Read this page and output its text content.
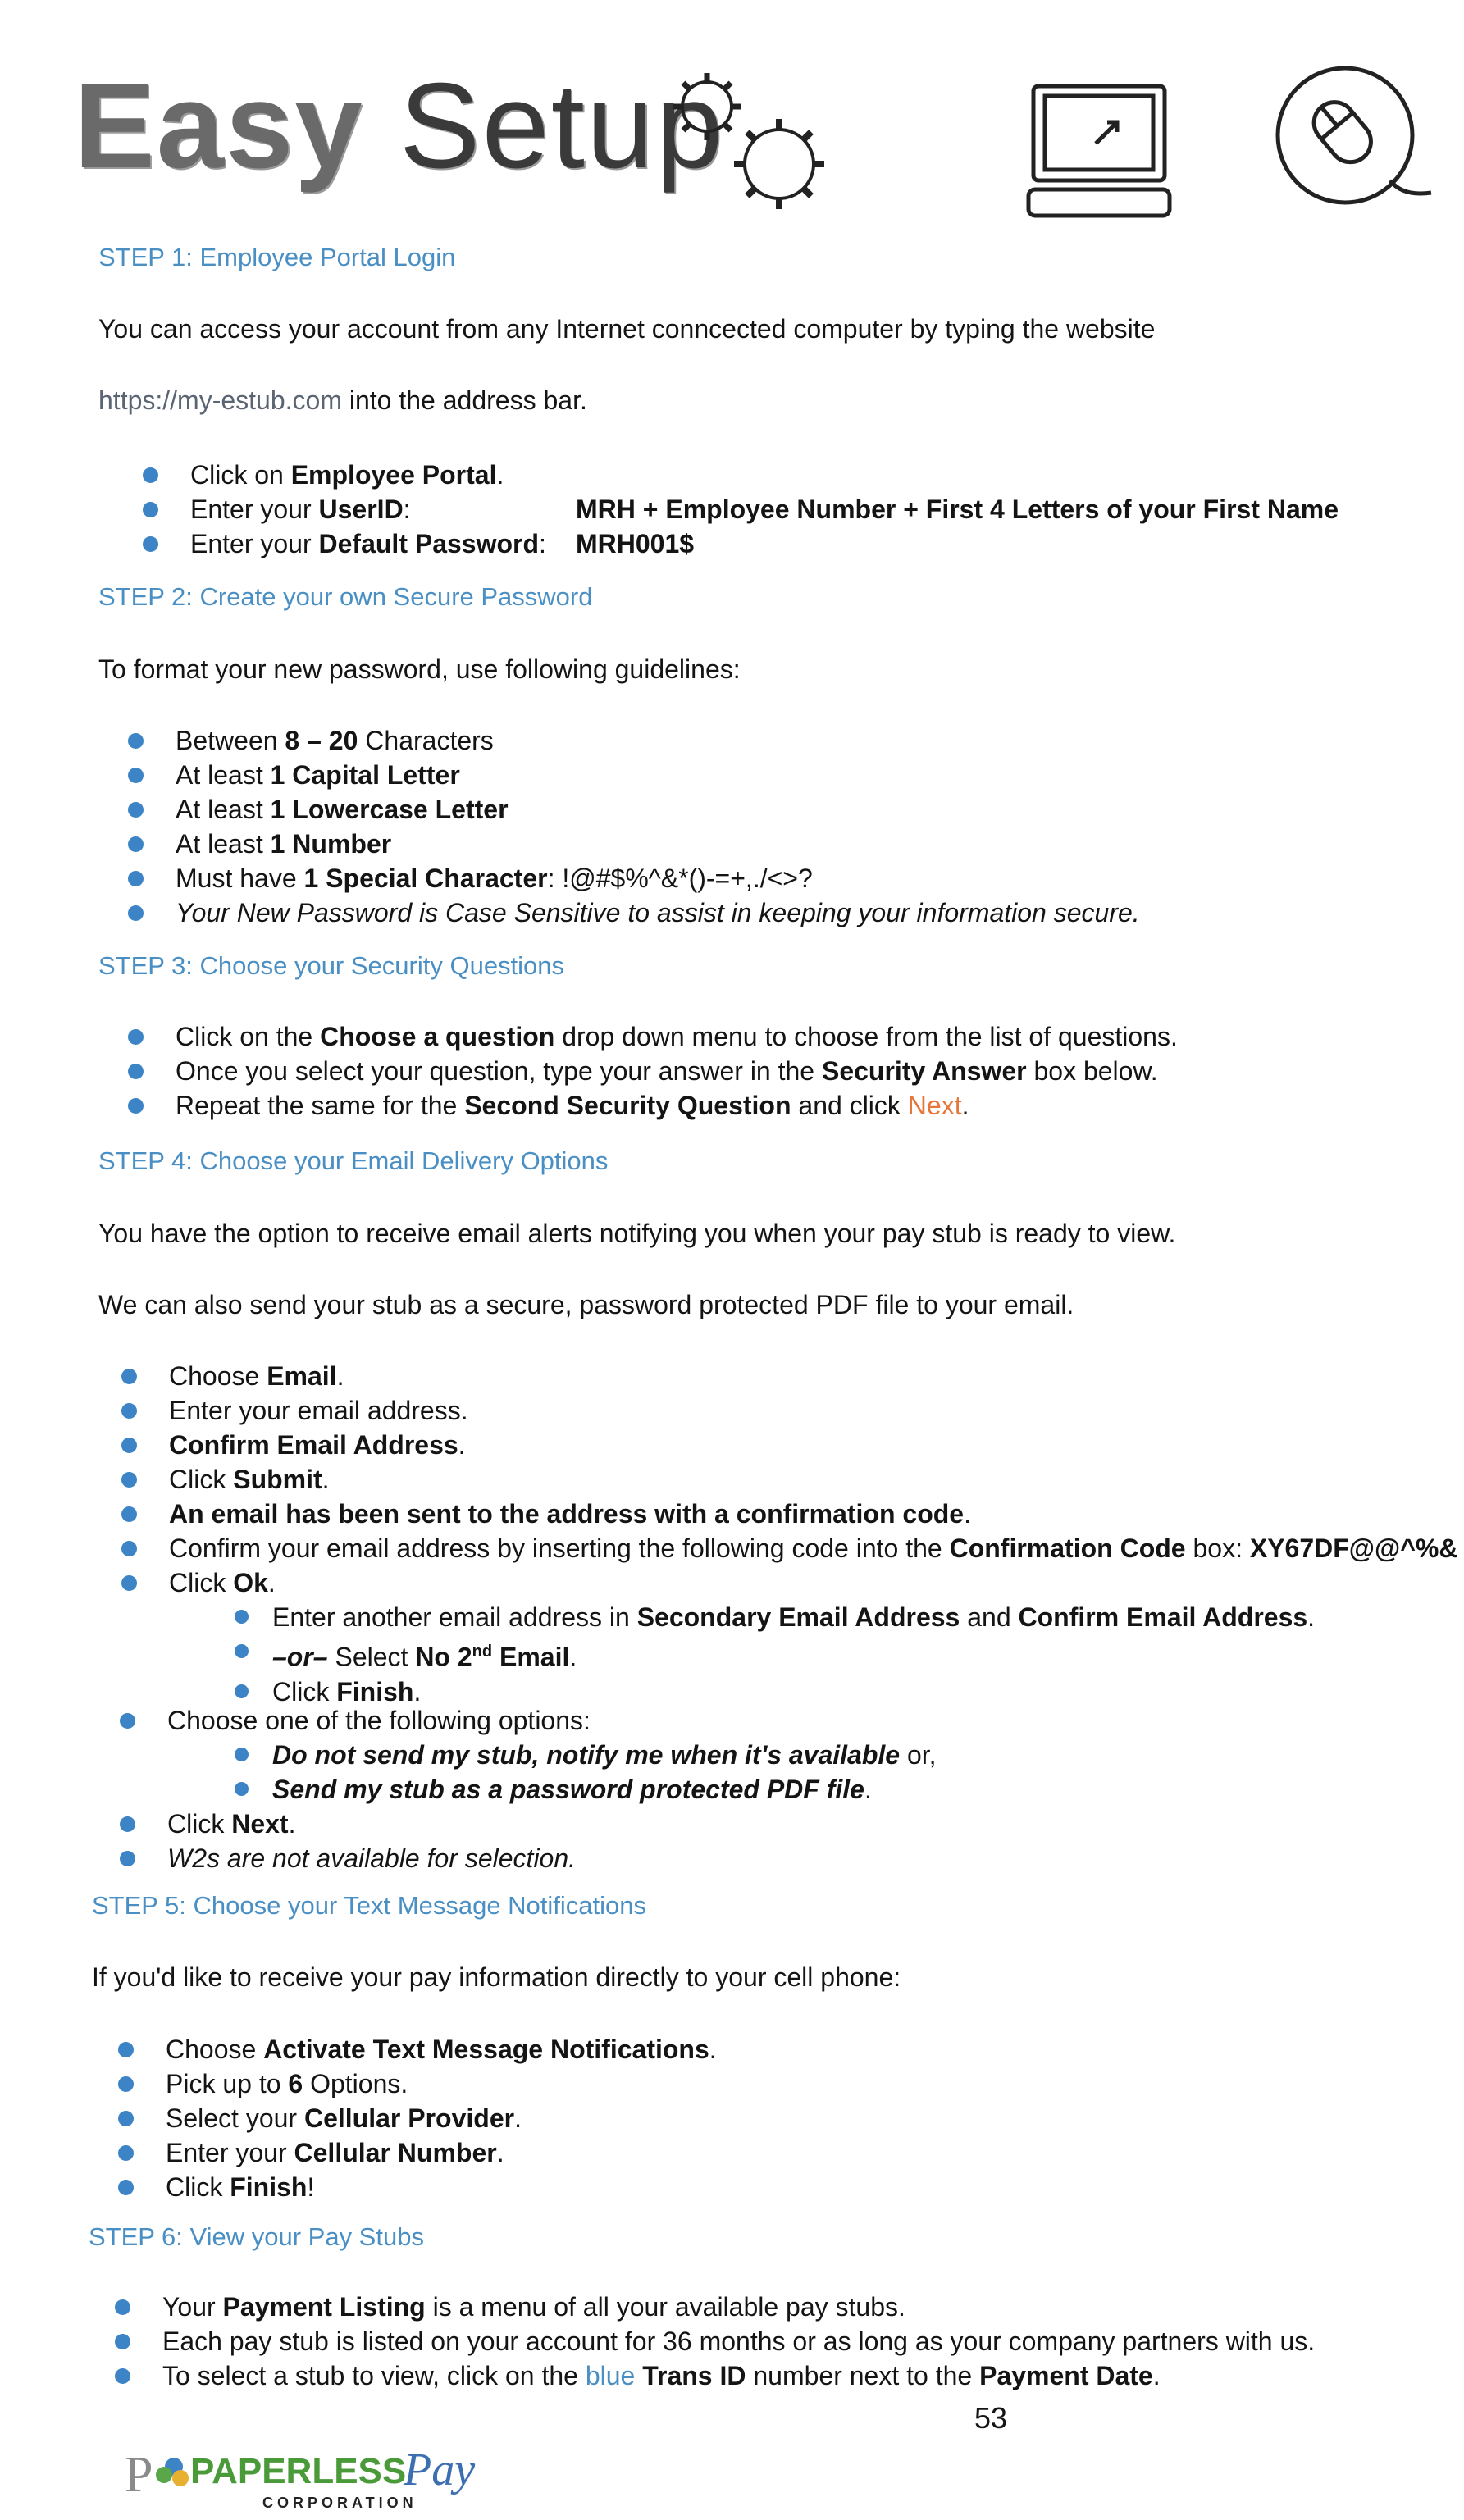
Easy Setup
STEP 1: Employee Portal Login
You can access your account from any Internet conncected computer by typing the website
https://my-estub.com into the address bar.
Click on Employee Portal.
Enter your UserID:	MRH + Employee Number + First 4 Letters of your First Name
Enter your Default Password: MRH001$
STEP 2: Create your own Secure Password
To format your new password, use following guidelines:
Between 8 – 20 Characters
At least 1 Capital Letter
At least 1 Lowercase Letter
At least 1 Number
Must have 1 Special Character: !@#$%^&*()-=+,./<>?
Your New Password is Case Sensitive to assist in keeping your information secure.
STEP 3: Choose your Security Questions
Click on the Choose a question drop down menu to choose from the list of questions.
Once you select your question, type your answer in the Security Answer box below.
Repeat the same for the Second Security Question and click Next.
STEP 4: Choose your Email Delivery Options
You have the option to receive email alerts notifying you when your pay stub is ready to view.
We can also send your stub as a secure, password protected PDF file to your email.
Choose Email.
Enter your email address.
Confirm Email Address.
Click Submit.
An email has been sent to the address with a confirmation code.
Confirm your email address by inserting the following code into the Confirmation Code box: XY67DF@@^%&
Click Ok.
Enter another email address in Secondary Email Address and Confirm Email Address.
–or– Select No 2nd Email.
Click Finish.
Choose one of the following options:
Do not send my stub, notify me when it's available or,
Send my stub as a password protected PDF file.
Click Next.
W2s are not available for selection.
STEP 5: Choose your Text Message Notifications
If you'd like to receive your pay information directly to your cell phone:
Choose Activate Text Message Notifications.
Pick up to 6 Options.
Select your Cellular Provider.
Enter your Cellular Number.
Click Finish!
STEP 6: View your Pay Stubs
Your Payment Listing is a menu of all your available pay stubs.
Each pay stub is listed on your account for 36 months or as long as your company partners with us.
To select a stub to view, click on the blue Trans ID number next to the Payment Date.
53
P PAPERLESS
Pay
CORPORATION
